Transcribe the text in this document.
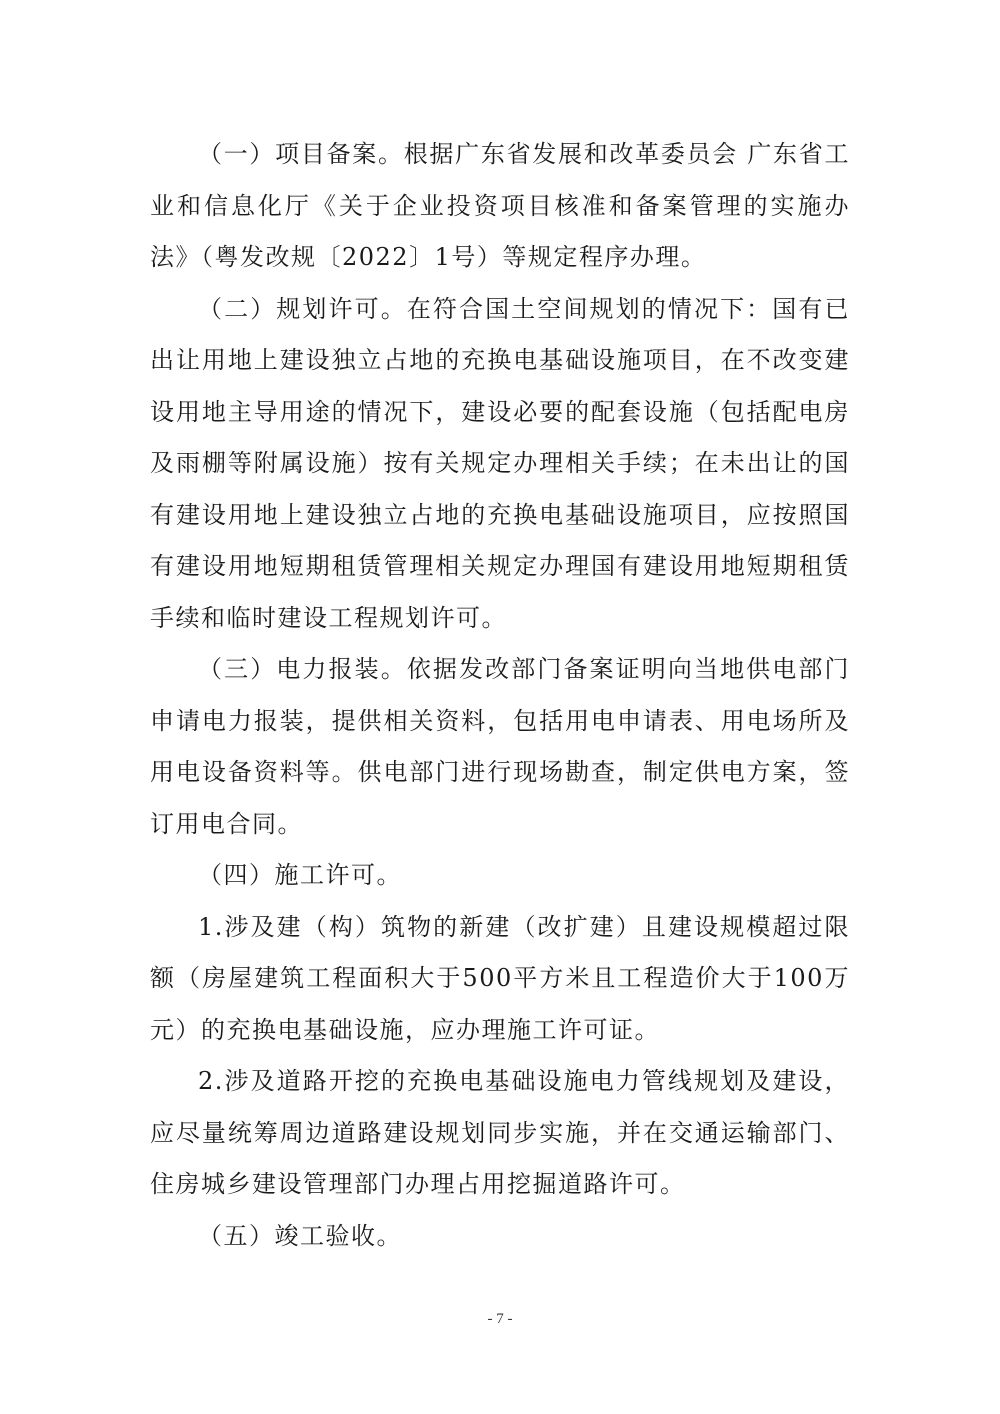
（一）项目备案。根据广东省发展和改革委员会 广东省工业和信息化厅《关于企业投资项目核准和备案管理的实施办法》（粤发改规〔2022〕1号）等规定程序办理。

（二）规划许可。在符合国土空间规划的情况下：国有已出让用地上建设独立占地的充换电基础设施项目，在不改变建设用地主导用途的情况下，建设必要的配套设施（包括配电房及雨棚等附属设施）按有关规定办理相关手续；在未出让的国有建设用地上建设独立占地的充换电基础设施项目，应按照国有建设用地短期租赁管理相关规定办理国有建设用地短期租赁手续和临时建设工程规划许可。

（三）电力报装。依据发改部门备案证明向当地供电部门申请电力报装，提供相关资料，包括用电申请表、用电场所及用电设备资料等。供电部门进行现场勘查，制定供电方案，签订用电合同。

（四）施工许可。

1.涉及建（构）筑物的新建（改扩建）且建设规模超过限额（房屋建筑工程面积大于500平方米且工程造价大于100万元）的充换电基础设施，应办理施工许可证。

2.涉及道路开挖的充换电基础设施电力管线规划及建设，应尽量统筹周边道路建设规划同步实施，并在交通运输部门、住房城乡建设管理部门办理占用挖掘道路许可。

（五）竣工验收。

- 7 -
